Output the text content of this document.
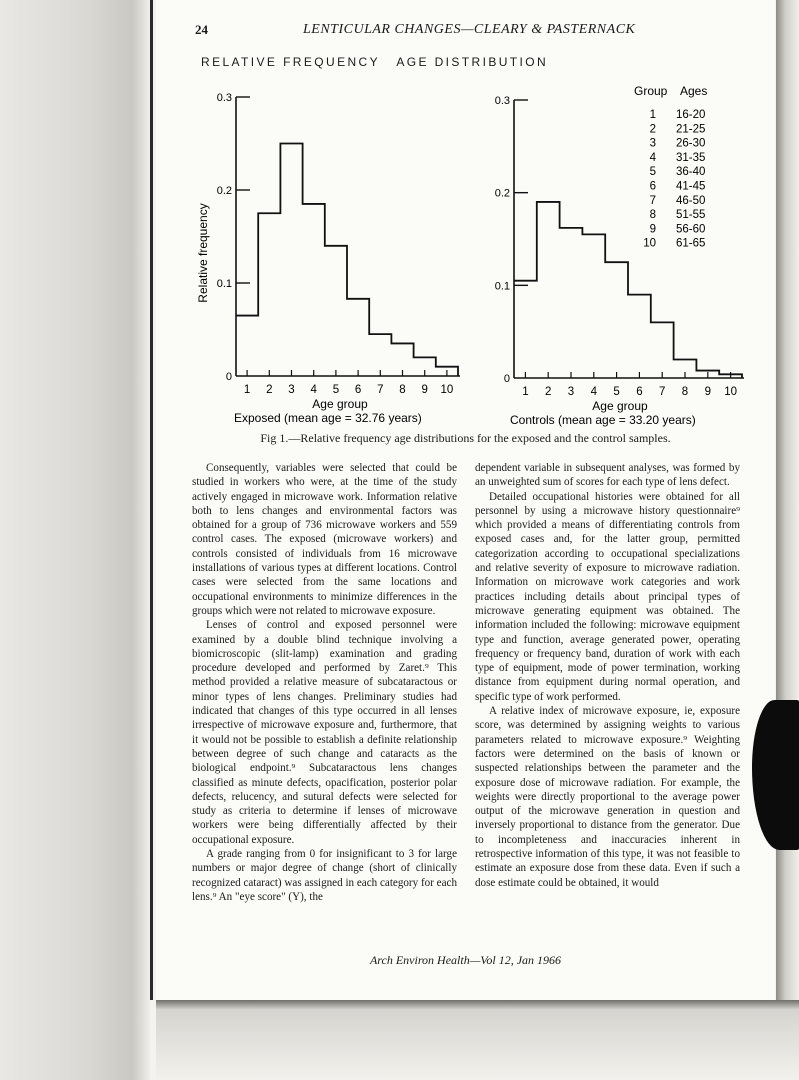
24	LENTICULAR CHANGES—CLEARY & PASTERNACK
RELATIVE FREQUENCY   AGE DISTRIBUTION
Relative frequency
0
0.1
0.2
0.3
1 2 3 4 5 6 7 8 9 10
0
0.1
0.2
0.3
1 2 3 4 5 6 7 8 9 10
Group Ages
1 16-20
2 21-25
3 26-30
4 31-35
5 36-40
6 41-45
7 46-50
8 51-55
9 56-60
10 61-65
Age group
Exposed (mean age = 32.76 years)
Age group
Controls (mean age = 33.20 years)
Fig 1.—Relative frequency age distributions for the exposed and the control samples.

Consequently, variables were selected that could be studied in workers who were, at the time of the study actively engaged in microwave work. Information relative both to lens changes and environmental factors was obtained for a group of 736 microwave workers and 559 control cases. The exposed (microwave workers) and controls consisted of individuals from 16 microwave installations of various types at different locations. Control cases were selected from the same locations and occupational environments to minimize differences in the groups which were not related to microwave exposure.

Lenses of control and exposed personnel were examined by a double blind technique involving a biomicroscopic (slit-lamp) examination and grading procedure developed and performed by Zaret.⁹ This method provided a relative measure of subcataractous or minor types of lens changes. Preliminary studies had indicated that changes of this type occurred in all lenses irrespective of microwave exposure and, furthermore, that it would not be possible to establish a definite relationship between degree of such change and cataracts as the biological endpoint.⁹ Subcataractous lens changes classified as minute defects, opacification, posterior polar defects, relucency, and sutural defects were selected for study as criteria to determine if lenses of microwave workers were being differentially affected by their occupational exposure.

A grade ranging from 0 for insignificant to 3 for large numbers or major degree of change (short of clinically recognized cataract) was assigned in each category for each lens.⁹ An "eye score" (Y), the

dependent variable in subsequent analyses, was formed by an unweighted sum of scores for each type of lens defect.

Detailed occupational histories were obtained for all personnel by using a microwave history questionnaire⁹ which provided a means of differentiating controls from exposed cases and, for the latter group, permitted categorization according to occupational specializations and relative severity of exposure to microwave radiation. Information on microwave work categories and work practices including details about principal types of microwave generating equipment was obtained. The information included the following: microwave equipment type and function, average generated power, operating frequency or frequency band, duration of work with each type of equipment, mode of power termination, working distance from equipment during normal operation, and specific type of work performed.

A relative index of microwave exposure, ie, exposure score, was determined by assigning weights to various parameters related to microwave exposure.⁹ Weighting factors were determined on the basis of known or suspected relationships between the parameter and the exposure dose of microwave radiation. For example, the weights were directly proportional to the average power output of the microwave generation in question and inversely proportional to distance from the generator. Due to incompleteness and inaccuracies inherent in retrospective information of this type, it was not feasible to estimate an exposure dose from these data. Even if such a dose estimate could be obtained, it would

Arch Environ Health—Vol 12, Jan 1966
